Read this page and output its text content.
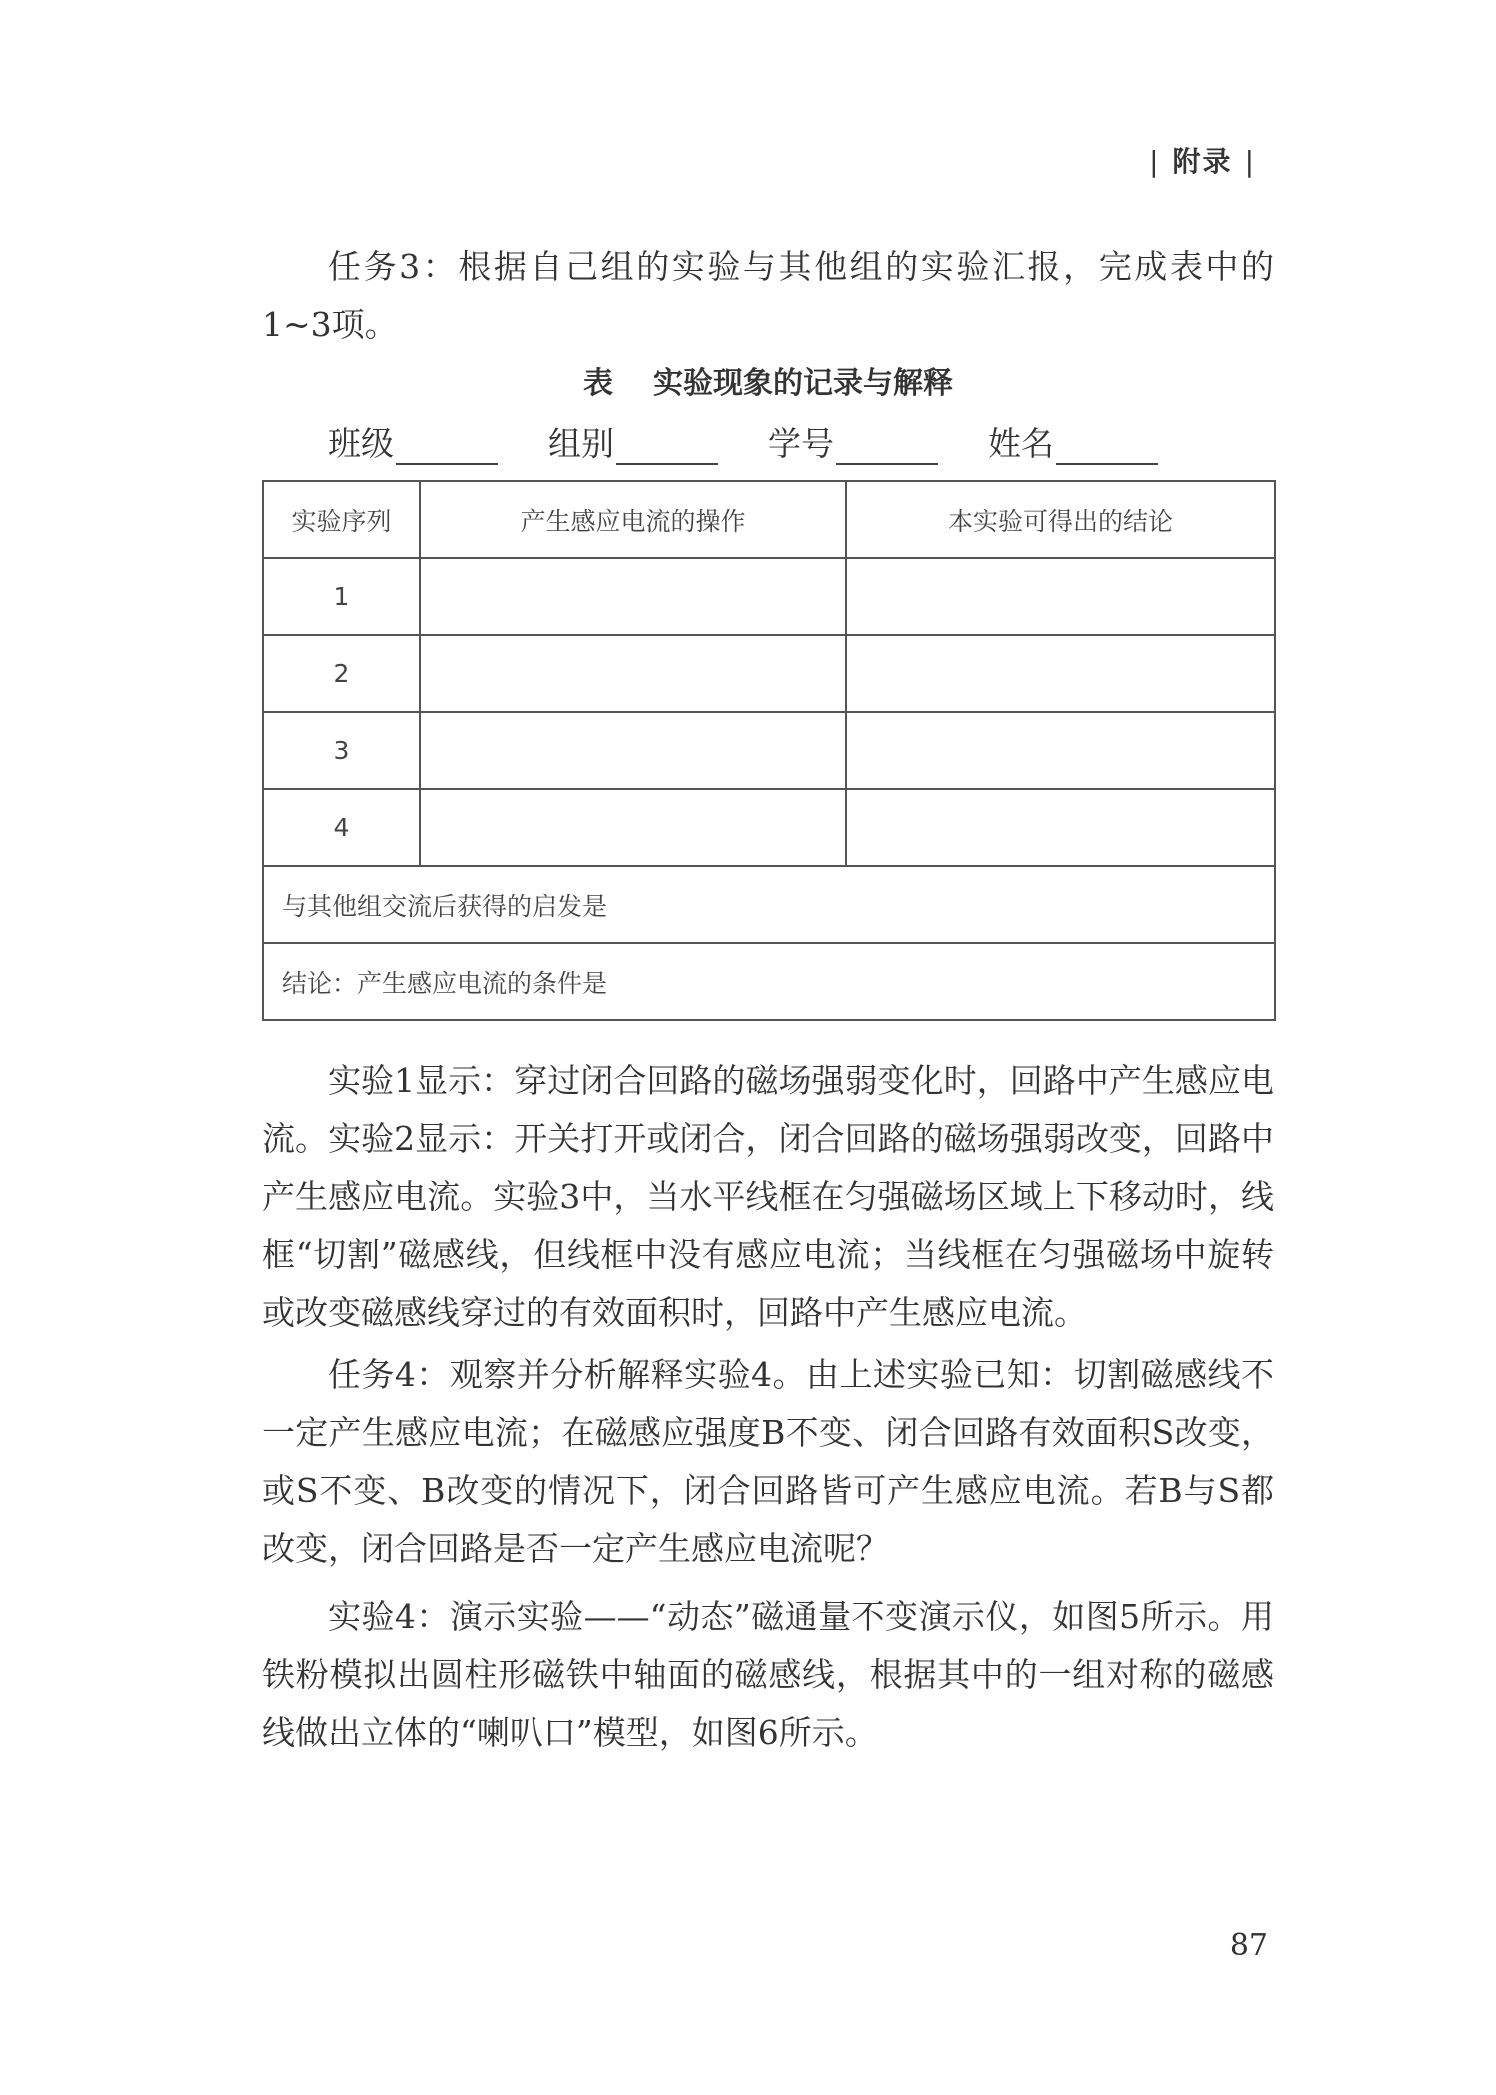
| 附录 |

任务3：根据自己组的实验与其他组的实验汇报，完成表中的1~3项。

表 实验现象的记录与解释
班级	组别	学号	姓名
实验序列	产生感应电流的操作	本实验可得出的结论
1		
2		
3		
4		
与其他组交流后获得的启发是		
结论：产生感应电流的条件是		

实验1显示：穿过闭合回路的磁场强弱变化时，回路中产生感应电流。实验2显示：开关打开或闭合，闭合回路的磁场强弱改变，回路中产生感应电流。实验3中，当水平线框在匀强磁场区域上下移动时，线框“切割”磁感线，但线框中没有感应电流；当线框在匀强磁场中旋转或改变磁感线穿过的有效面积时，回路中产生感应电流。

任务4：观察并分析解释实验4。由上述实验已知：切割磁感线不一定产生感应电流；在磁感应强度B不变、闭合回路有效面积S改变，或S不变、B改变的情况下，闭合回路皆可产生感应电流。若B与S都改变，闭合回路是否一定产生感应电流呢？

实验4：演示实验——“动态”磁通量不变演示仪，如图5所示。用铁粉模拟出圆柱形磁铁中轴面的磁感线，根据其中的一组对称的磁感线做出立体的“喇叭口”模型，如图6所示。

87
